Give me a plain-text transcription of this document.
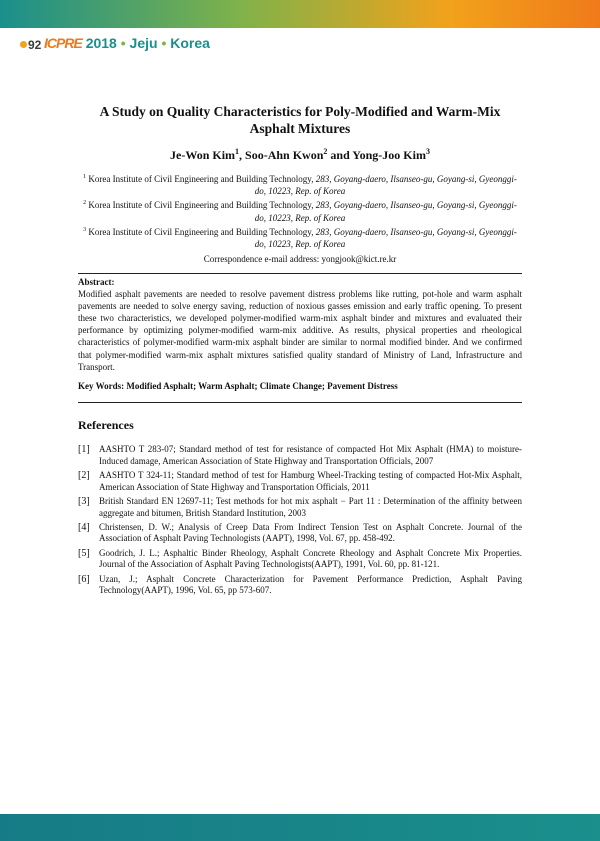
92 ICPRE 2018 • Jeju • Korea
A Study on Quality Characteristics for Poly-Modified and Warm-Mix
Asphalt Mixtures
Je-Won Kim$^1$, Soo-Ahn Kwon$^2$ and Yong-Joo Kim$^3$
$^1$ Korea Institute of Civil Engineering and Building Technology, 283, Goyang-daero, Ilsanseo-gu, Goyang-si, Gyeonggi-do, 10223, Rep. of Korea
$^2$ Korea Institute of Civil Engineering and Building Technology, 283, Goyang-daero, Ilsanseo-gu, Goyang-si, Gyeonggi-do, 10223, Rep. of Korea
$^3$ Korea Institute of Civil Engineering and Building Technology, 283, Goyang-daero, Ilsanseo-gu, Goyang-si, Gyeonggi-do, 10223, Rep. of Korea
Correspondence e-mail address: yongjook@kict.re.kr
Abstract:
Modified asphalt pavements are needed to resolve pavement distress problems like rutting, pot-hole and warm asphalt pavements are needed to solve energy saving, reduction of noxious gasses emission and early traffic opening. To present these two characteristics, we developed polymer-modified warm-mix asphalt binder and mixtures and evaluated their performance by optimizing polymer-modified warm-mix additive. As results, physical properties and rheological characteristics of polymer-modified warm-mix asphalt binder are similar to normal modified binder. And we confirmed that polymer-modified warm-mix asphalt mixtures satisfied quality standard of Ministry of Land, Infrastructure and Transport.
Key Words: Modified Asphalt; Warm Asphalt; Climate Change; Pavement Distress
References
[1] AASHTO T 283-07; Standard method of test for resistance of compacted Hot Mix Asphalt (HMA) to moisture-Induced damage, American Association of State Highway and Transportation Officials, 2007
[2] AASHTO T 324-11; Standard method of test for Hamburg Wheel-Tracking testing of compacted Hot-Mix Asphalt, American Association of State Highway and Transportation Officials, 2011
[3] British Standard EN 12697-11; Test methods for hot mix asphalt − Part 11 : Determination of the affinity between aggregate and bitumen, British Standard Institution, 2003
[4] Christensen, D. W.; Analysis of Creep Data From Indirect Tension Test on Asphalt Concrete. Journal of the Association of Asphalt Paving Technologists (AAPT), 1998, Vol. 67, pp. 458-492.
[5] Goodrich, J. L.; Asphaltic Binder Rheology, Asphalt Concrete Rheology and Asphalt Concrete Mix Properties. Journal of the Association of Asphalt Paving Technologists(AAPT), 1991, Vol. 60, pp. 81-121.
[6] Uzan, J.; Asphalt Concrete Characterization for Pavement Performance Prediction, Asphalt Paving Technology(AAPT), 1996, Vol. 65, pp 573-607.
